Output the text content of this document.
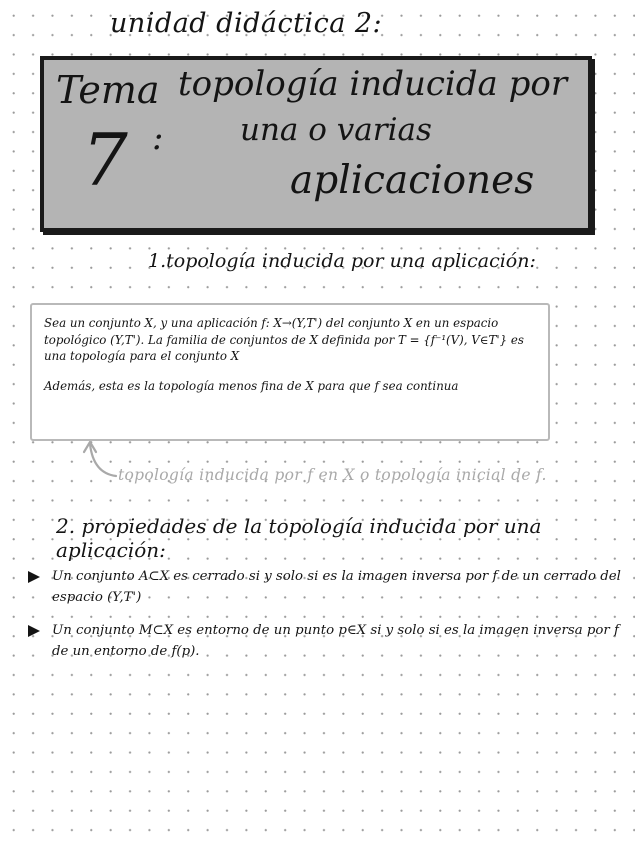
unidad didáctica 2:
Tema
7 :
topología inducida por
una o varias
aplicaciones
1.topología inducida por una aplicación:

Sea un conjunto X, y una aplicación f: X→(Y,T') del conjunto X en un espacio topológico (Y,T'). La familia de conjuntos de X definida por T = {f⁻¹(V), V∈T'} es una topología para el conjunto X

Además, esta es la topología menos fina de X para que f sea continua

topología inducida por f en X o topología inicial de f.
2. propiedades de la topología inducida por una aplicación:
Un conjunto A⊂X es cerrado si y solo si es la imagen inversa por f de un cerrado del espacio (Y,T')
Un conjunto M⊂X es entorno de un punto p∈X si y solo si es la imagen inversa por f de un entorno de f(p).
